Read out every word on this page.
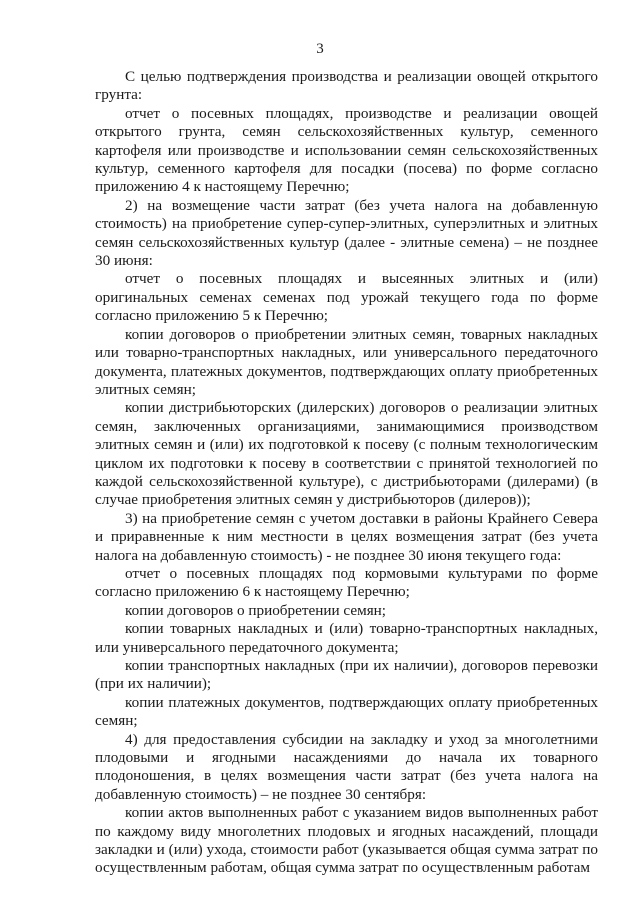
3

С целью подтверждения производства и реализации овощей открытого грунта:

отчет о посевных площадях, производстве и реализации овощей открытого грунта, семян сельскохозяйственных культур, семенного картофеля или производстве и использовании семян сельскохозяйственных культур, семенного картофеля для посадки (посева) по форме согласно приложению 4 к настоящему Перечню;

2) на возмещение части затрат (без учета налога на добавленную стоимость) на приобретение супер-супер-элитных, суперэлитных и элитных семян сельскохозяйственных культур (далее - элитные семена) – не позднее 30 июня:

отчет о посевных площадях и высеянных элитных и (или) оригинальных семенах семенах под урожай текущего года по форме согласно приложению 5 к Перечню;

копии договоров о приобретении элитных семян, товарных накладных или товарно-транспортных накладных, или универсального передаточного документа, платежных документов, подтверждающих оплату приобретенных элитных семян;

копии дистрибьюторских (дилерских) договоров о реализации элитных семян, заключенных организациями, занимающимися производством элитных семян и (или) их подготовкой к посеву (с полным технологическим циклом их подготовки к посеву в соответствии с принятой технологией по каждой сельскохозяйственной культуре), с дистрибьюторами (дилерами) (в случае приобретения элитных семян у дистрибьюторов (дилеров));

3) на приобретение семян с учетом доставки в районы Крайнего Севера и приравненные к ним местности в целях возмещения затрат (без учета налога на добавленную стоимость) - не позднее 30 июня текущего года:

отчет о посевных площадях под кормовыми культурами по форме согласно приложению 6 к настоящему Перечню;

копии договоров о приобретении семян;

копии товарных накладных и (или) товарно-транспортных накладных, или универсального передаточного документа;

копии транспортных накладных (при их наличии), договоров перевозки (при их наличии);

копии платежных документов, подтверждающих оплату приобретенных семян;

4) для предоставления субсидии на закладку и уход за многолетними плодовыми и ягодными насаждениями до начала их товарного плодоношения, в целях возмещения части затрат (без учета налога на добавленную стоимость) – не позднее 30 сентября:

копии актов выполненных работ с указанием видов выполненных работ по каждому виду многолетних плодовых и ягодных насаждений, площади закладки и (или) ухода, стоимости работ (указывается общая сумма затрат по осуществленным работам, общая сумма затрат по осуществленным работам
